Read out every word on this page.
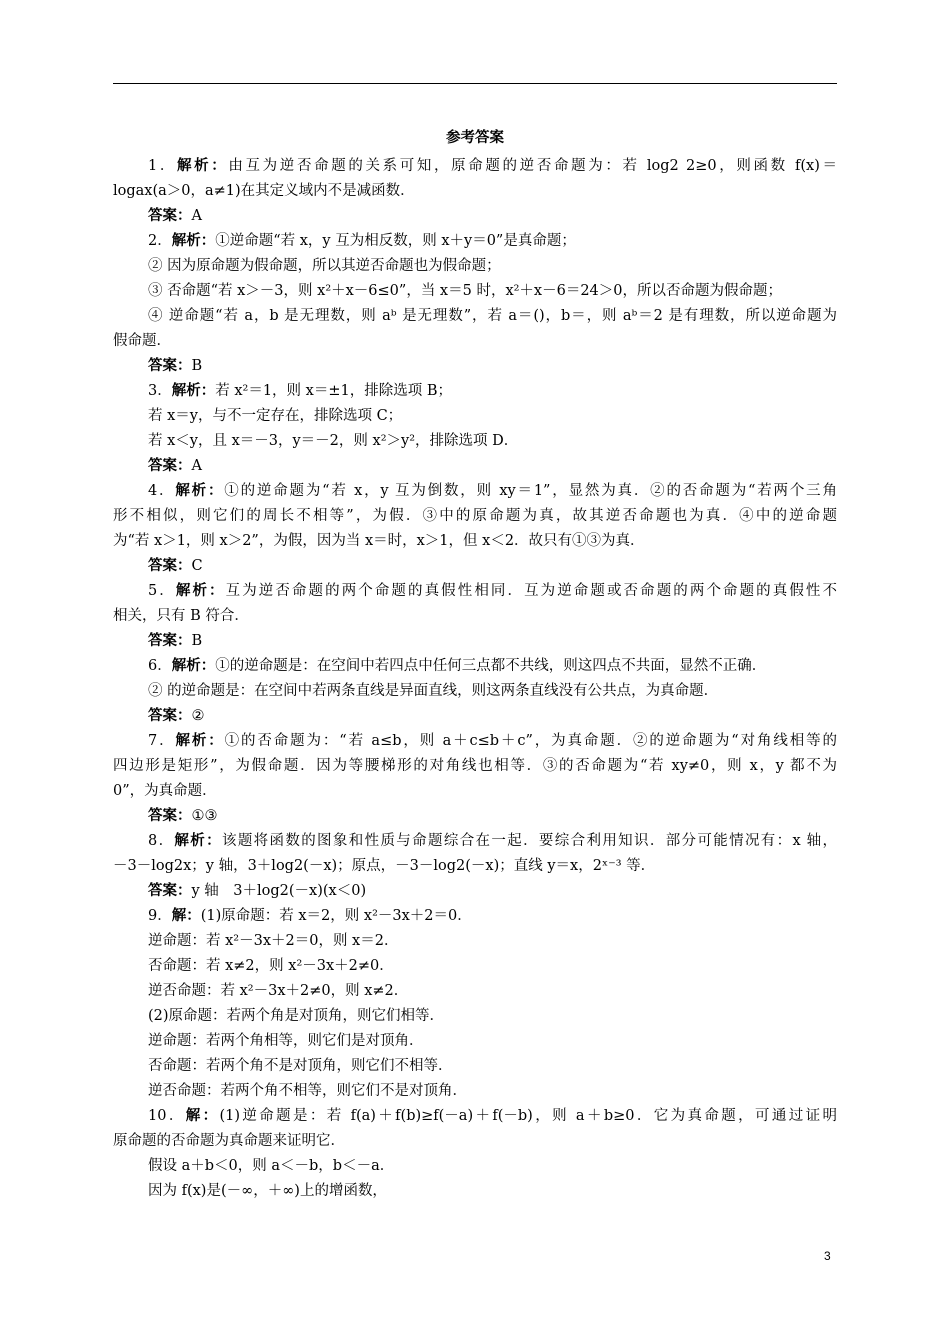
参考答案
1．解析：由互为逆否命题的关系可知，原命题的逆否命题为：若 log2 2≥0，则函数 f(x)＝
logax(a＞0，a≠1)在其定义域内不是减函数．
答案：A
2．解析：①逆命题“若 x，y 互为相反数，则 x＋y＝0”是真命题；
② 因为原命题为假命题，所以其逆否命题也为假命题；
③ 否命题“若 x＞－3，则 x²＋x－6≤0”，当 x＝5 时，x²＋x－6＝24＞0，所以否命题为假命题；
④ 逆命题“若 a，b 是无理数，则 aᵇ 是无理数”，若 a＝()，b＝，则 aᵇ＝2 是有理数，所以逆命题为
假命题．
答案：B
3．解析：若 x²＝1，则 x＝±1，排除选项 B；
若 x＝y，与不一定存在，排除选项 C；
若 x＜y，且 x＝－3，y＝－2，则 x²＞y²，排除选项 D．
答案：A
4．解析：①的逆命题为“若 x，y 互为倒数，则 xy＝1”，显然为真．②的否命题为“若两个三角
形不相似，则它们的周长不相等”，为假．③中的原命题为真，故其逆否命题也为真．④中的逆命题
为“若 x＞1，则 x＞2”，为假，因为当 x＝时，x＞1，但 x＜2．故只有①③为真．
答案：C
5．解析：互为逆否命题的两个命题的真假性相同．互为逆命题或否命题的两个命题的真假性不
相关，只有 B 符合．
答案：B
6．解析：①的逆命题是：在空间中若四点中任何三点都不共线，则这四点不共面，显然不正确．
② 的逆命题是：在空间中若两条直线是异面直线，则这两条直线没有公共点，为真命题．
答案：②
7．解析：①的否命题为：“若 a≤b，则 a＋c≤b＋c”，为真命题．②的逆命题为“对角线相等的
四边形是矩形”，为假命题．因为等腰梯形的对角线也相等．③的否命题为“若 xy≠0，则 x，y 都不为
0”，为真命题．
答案：①③
8．解析：该题将函数的图象和性质与命题综合在一起．要综合利用知识．部分可能情况有：x 轴，
－3－log2x；y 轴，3＋log2(－x)；原点，－3－log2(－x)；直线 y＝x，2ˣ⁻³ 等．
答案：y 轴　3＋log2(－x)(x＜0)
9．解：(1)原命题：若 x＝2，则 x²－3x＋2＝0．
逆命题：若 x²－3x＋2＝0，则 x＝2．
否命题：若 x≠2，则 x²－3x＋2≠0．
逆否命题：若 x²－3x＋2≠0，则 x≠2．
(2)原命题：若两个角是对顶角，则它们相等．
逆命题：若两个角相等，则它们是对顶角．
否命题：若两个角不是对顶角，则它们不相等．
逆否命题：若两个角不相等，则它们不是对顶角．
10．解：(1)逆命题是：若 f(a)＋f(b)≥f(－a)＋f(－b)，则 a＋b≥0．它为真命题，可通过证明
原命题的否命题为真命题来证明它．
假设 a＋b＜0，则 a＜－b，b＜－a．
因为 f(x)是(－∞，＋∞)上的增函数，
3
